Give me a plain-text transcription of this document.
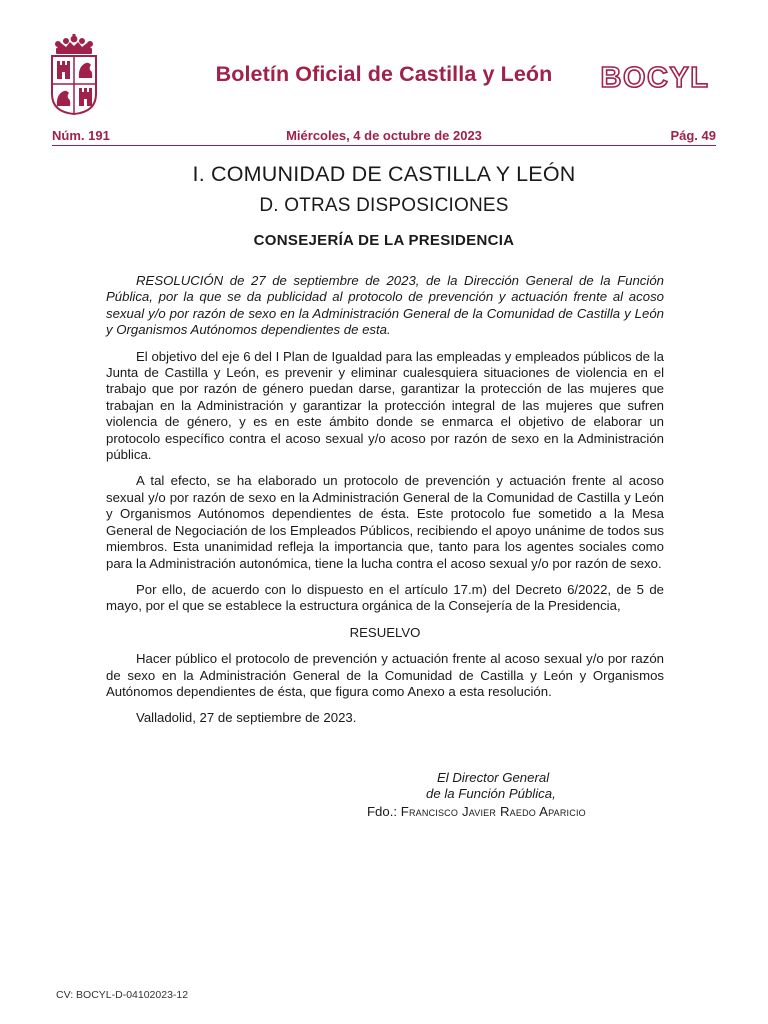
Boletín Oficial de Castilla y León	BOCYL
Núm. 191	Miércoles, 4 de octubre de 2023	Pág. 49
I. COMUNIDAD DE CASTILLA Y LEÓN
D. OTRAS DISPOSICIONES
CONSEJERÍA DE LA PRESIDENCIA

RESOLUCIÓN de 27 de septiembre de 2023, de la Dirección General de la Función Pública, por la que se da publicidad al protocolo de prevención y actuación frente al acoso sexual y/o por razón de sexo en la Administración General de la Comunidad de Castilla y León y Organismos Autónomos dependientes de esta.

El objetivo del eje 6 del I Plan de Igualdad para las empleadas y empleados públicos de la Junta de Castilla y León, es prevenir y eliminar cualesquiera situaciones de violencia en el trabajo que por razón de género puedan darse, garantizar la protección de las mujeres que trabajan en la Administración y garantizar la protección integral de las mujeres que sufren violencia de género, y es en este ámbito donde se enmarca el objetivo de elaborar un protocolo específico contra el acoso sexual y/o acoso por razón de sexo en la Administración pública.

A tal efecto, se ha elaborado un protocolo de prevención y actuación frente al acoso sexual y/o por razón de sexo en la Administración General de la Comunidad de Castilla y León y Organismos Autónomos dependientes de ésta. Este protocolo fue sometido a la Mesa General de Negociación de los Empleados Públicos, recibiendo el apoyo unánime de todos sus miembros. Esta unanimidad refleja la importancia que, tanto para los agentes sociales como para la Administración autonómica, tiene la lucha contra el acoso sexual y/o por razón de sexo.

Por ello, de acuerdo con lo dispuesto en el artículo 17.m) del Decreto 6/2022, de 5 de mayo, por el que se establece la estructura orgánica de la Consejería de la Presidencia,

RESUELVO

Hacer público el protocolo de prevención y actuación frente al acoso sexual y/o por razón de sexo en la Administración General de la Comunidad de Castilla y León y Organismos Autónomos dependientes de ésta, que figura como Anexo a esta resolución.

Valladolid, 27 de septiembre de 2023.

El Director General
de la Función Pública,
Fdo.: Francisco Javier Raedo Aparicio
CV: BOCYL-D-04102023-12
